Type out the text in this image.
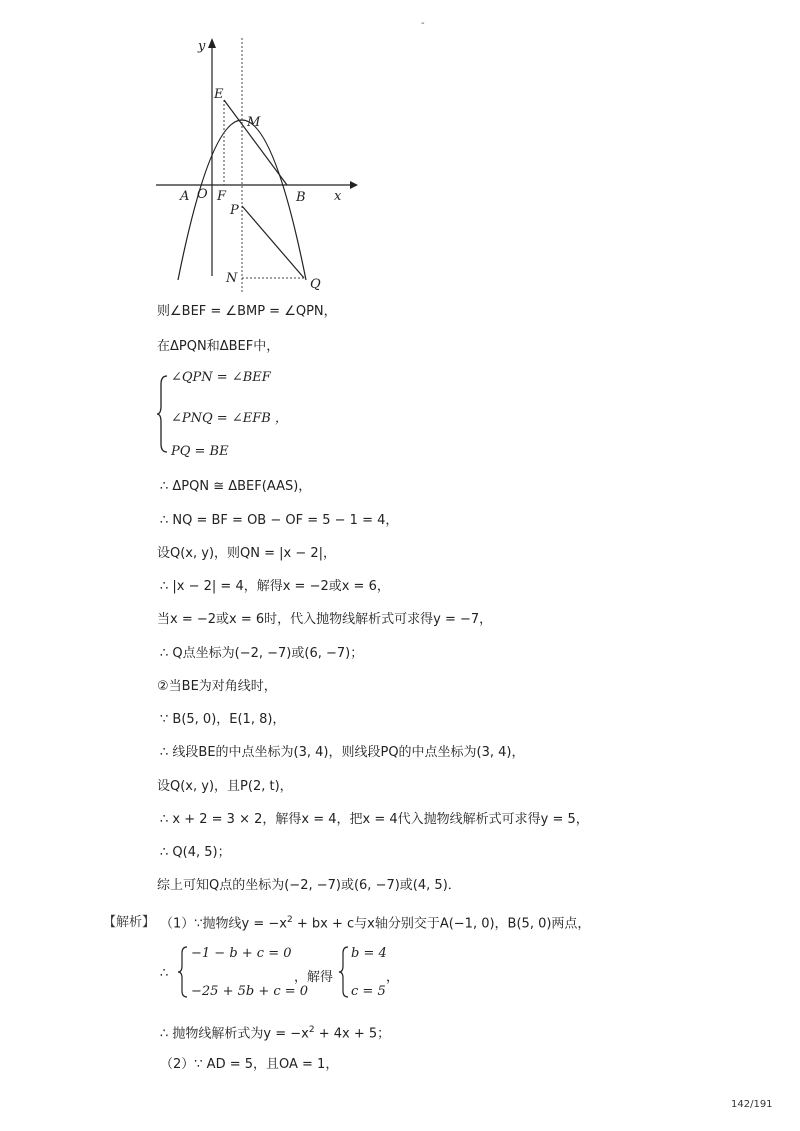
-
y
x
E
M
A O F	B
P
N	Q
则∠BEF = ∠BMP = ∠QPN，
在ΔPQN和ΔBEF中，
∠QPN = ∠BEF
∠PNQ = ∠EFB ，
PQ = BE
∴ ΔPQN ≅ ΔBEF(AAS)，
∴ NQ = BF = OB − OF = 5 − 1 = 4，
设Q(x, y)，则QN = |x − 2|，
∴ |x − 2| = 4，解得x = −2或x = 6，
当x = −2或x = 6时，代入抛物线解析式可求得y = −7，
∴ Q点坐标为(−2, −7)或(6, −7)；
②当BE为对角线时，
∵ B(5, 0)，E(1, 8)，
∴ 线段BE的中点坐标为(3, 4)，则线段PQ的中点坐标为(3, 4)，
设Q(x, y)，且P(2, t)，
∴ x + 2 = 3 × 2，解得x = 4，把x = 4代入抛物线解析式可求得y = 5，
∴ Q(4, 5)；
综上可知Q点的坐标为(−2, −7)或(6, −7)或(4, 5)．
【解析】 （1）∵抛物线$y = -x^2$ + bx + c与x轴分别交于A(−1, 0)，B(5, 0)两点，
∴
−1 − b + c = 0
−25 + 5b + c = 0
，解得
b = 4
c = 5
，
∴ 抛物线解析式为$y = -x^2 + 4x + 5$；
（2）∵ AD = 5，且OA = 1，
142/191
